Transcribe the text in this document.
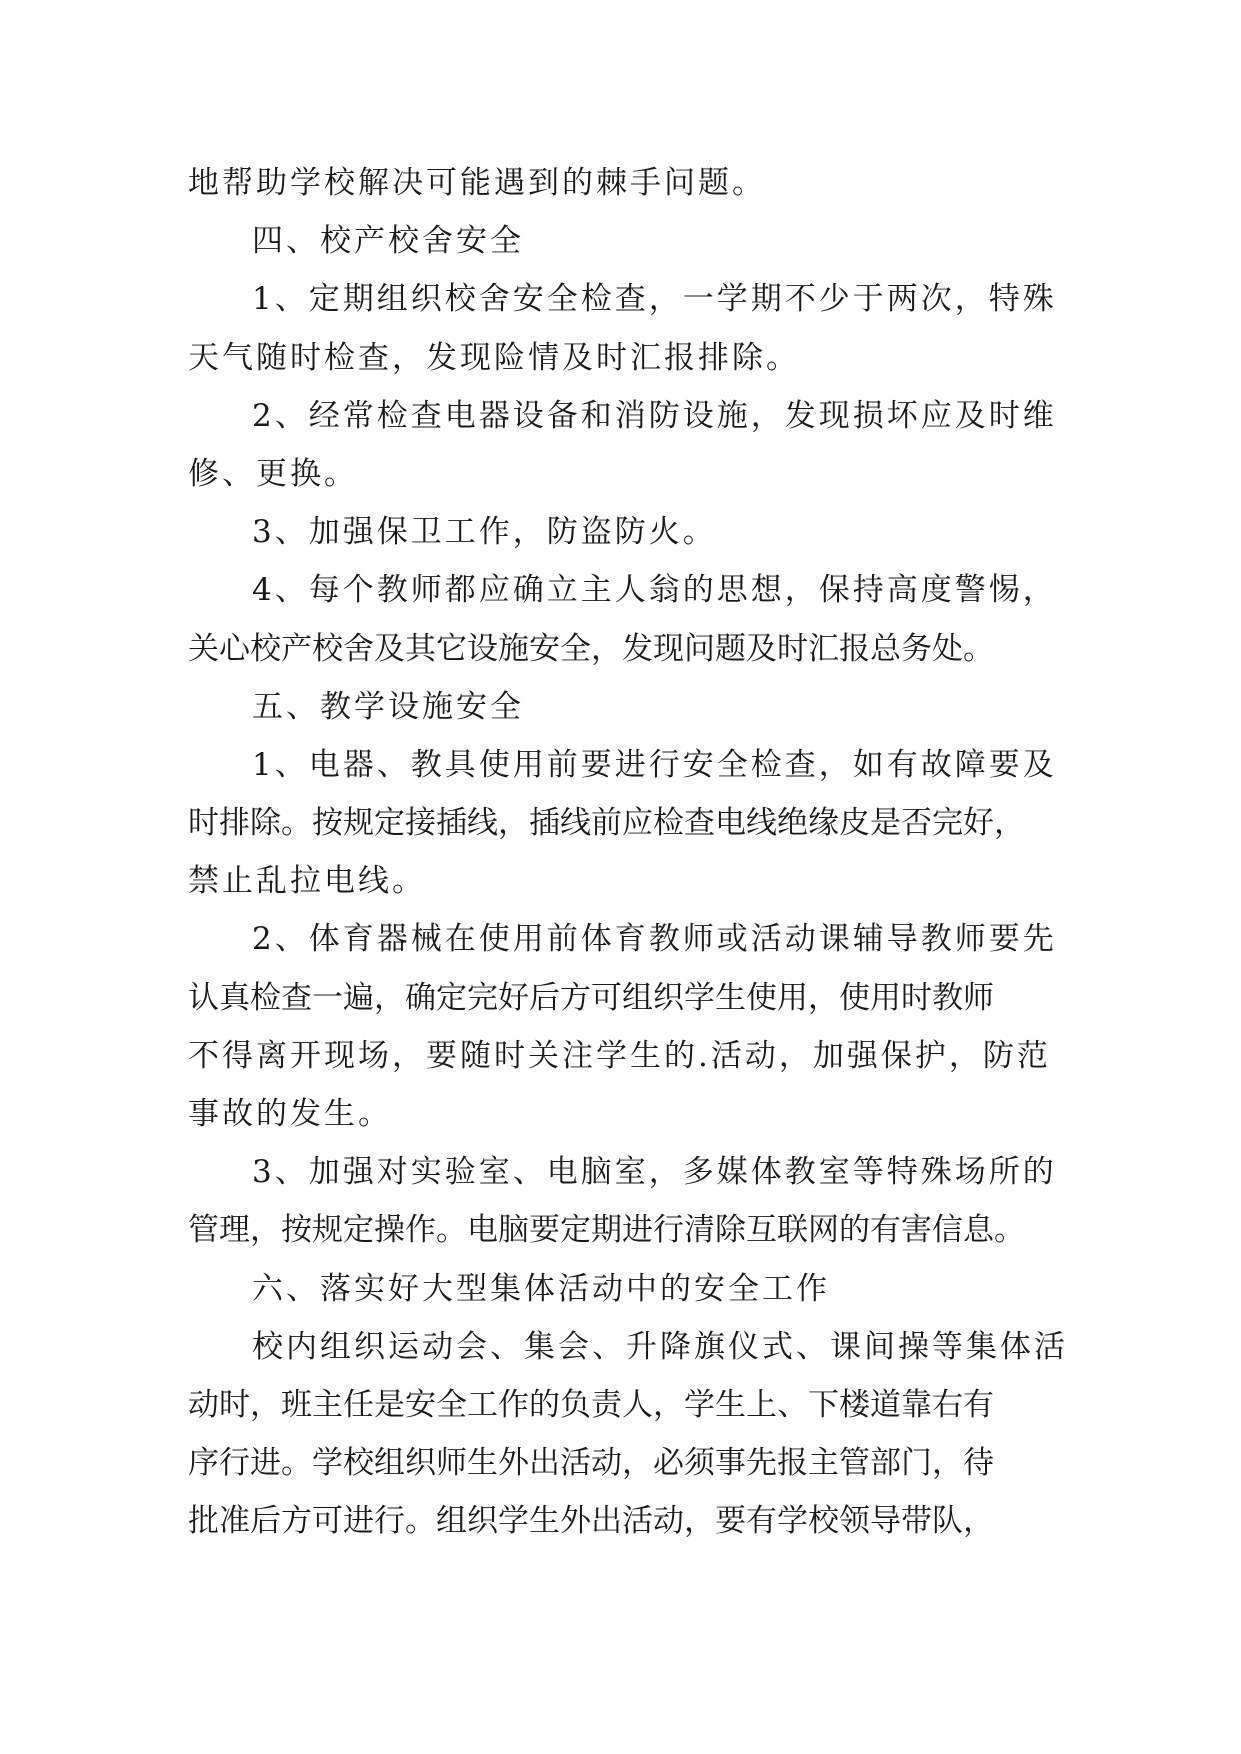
地帮助学校解决可能遇到的棘手问题。
四、校产校舍安全
1、定期组织校舍安全检查，一学期不少于两次，特殊
天气随时检查，发现险情及时汇报排除。
2、经常检查电器设备和消防设施，发现损坏应及时维
修、更换。
3、加强保卫工作，防盗防火。
4、每个教师都应确立主人翁的思想，保持高度警惕，
关心校产校舍及其它设施安全，发现问题及时汇报总务处。
五、教学设施安全
1、电器、教具使用前要进行安全检查，如有故障要及
时排除。按规定接插线，插线前应检查电线绝缘皮是否完好，
禁止乱拉电线。
2、体育器械在使用前体育教师或活动课辅导教师要先
认真检查一遍，确定完好后方可组织学生使用，使用时教师
不得离开现场，要随时关注学生的.活动，加强保护，防范
事故的发生。
3、加强对实验室、电脑室，多媒体教室等特殊场所的
管理，按规定操作。电脑要定期进行清除互联网的有害信息。
六、落实好大型集体活动中的安全工作
校内组织运动会、集会、升降旗仪式、课间操等集体活
动时，班主任是安全工作的负责人，学生上、下楼道靠右有
序行进。学校组织师生外出活动，必须事先报主管部门，待
批准后方可进行。组织学生外出活动，要有学校领导带队，
